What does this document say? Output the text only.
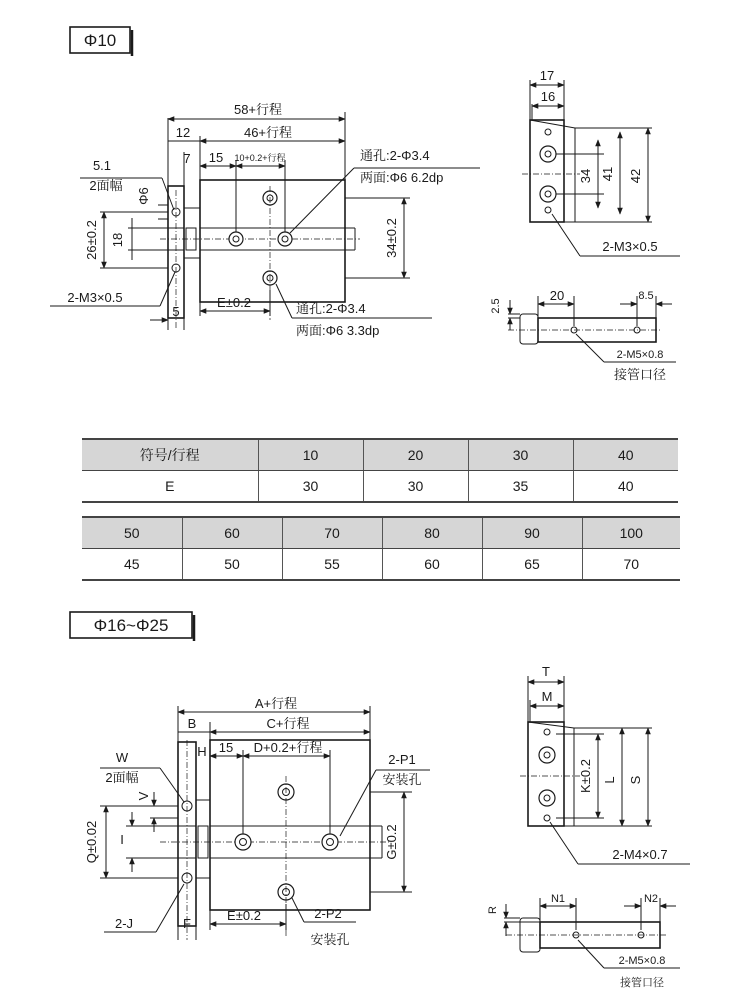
Φ10
58+行程
46+行程
12
7 15 10+0.2+行程
5.1
2面幅
Φ6
26±0.2 18	34±0.2
2-M3×0.5
5
E±0.2
通孔:2-Φ3.4
两面:Φ6 6.2dp
通孔:2-Φ3.4
两面:Φ6 3.3dp
17
16
34 41 42
2-M3×0.5
2.5
20	8.5
2-M5×0.8
接管口径
Φ16~Φ25
A+行程
B	C+行程
H 15 D+0.2+行程
2-P1
安装孔
W
2面幅
V
Q±0.02 I	G±0.2
2-J	F
E±0.2	2-P2
安装孔
T
M
K±0.2 L S
2-M4×0.7
R
N1	N2
2-M5×0.8
接管口径
符号/行程	10	20	30	40
E	30	30	35	40
50	60	70	80	90	100
45	50	55	60	65	70
